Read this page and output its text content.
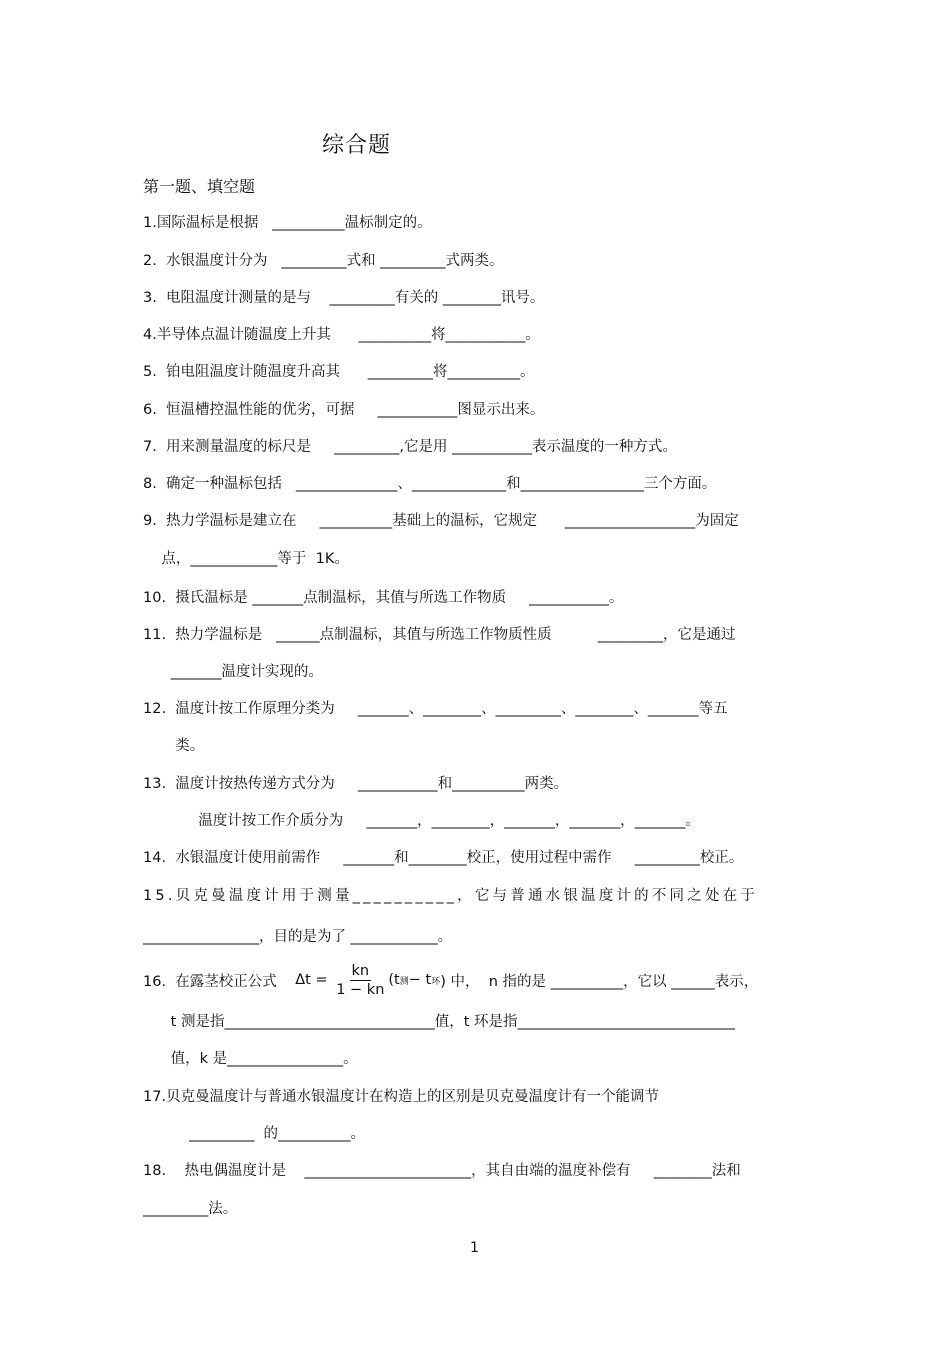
综合题
第一题、填空题
1.国际温标是根据   __________温标制定的。
2.  水银温度计分为   _________式和 _________式两类。
3.  电阻温度计测量的是与    _________有关的 ________讯号。
4.半导体点温计随温度上升其      __________将___________。
5.  铂电阻温度计随温度升高其      _________将__________。
6.  恒温槽控温性能的优劣，可据     ___________图显示出来。
7.  用来测量温度的标尺是     _________,它是用 ___________表示温度的一种方式。
8.  确定一种温标包括   ______________、_____________和_________________三个方面。
9.  热力学温标是建立在     __________基础上的温标，它规定      __________________为固定
点，____________等于  1K。
10.  摄氏温标是 _______点制温标，其值与所选工作物质     ___________。
11.  热力学温标是   ______点制温标，其值与所选工作物质性质          _________，它是通过
_______温度计实现的。
12.  温度计按工作原理分类为     _______、________、_________、________、_______等五
类。
13.  温度计按热传递方式分为     ___________和__________两类。
温度计按工作介质分为     _______，________，_______，_______，_______。
14.  水银温度计使用前需作     _______和________校正，使用过程中需作     _________校正。
15.贝克曼温度计用于测量__________，它与普通水银温度计的不同之处在于
________________，目的是为了 ____________。
16.  在露茎校正公式 $\Delta t = \frac{kn}{1 - kn} (t$ 测 − t 环 ) 中，  n 指的是 __________，它以 ______表示，
t 测是指_____________________________值，t 环是指______________________________
值，k 是________________。
17.贝克曼温度计与普通水银温度计在构造上的区别是贝克曼温度计有一个能调节
_________  的__________。
18.    热电偶温度计是    _______________________，其自由端的温度补偿有     ________法和
_________法。
1
